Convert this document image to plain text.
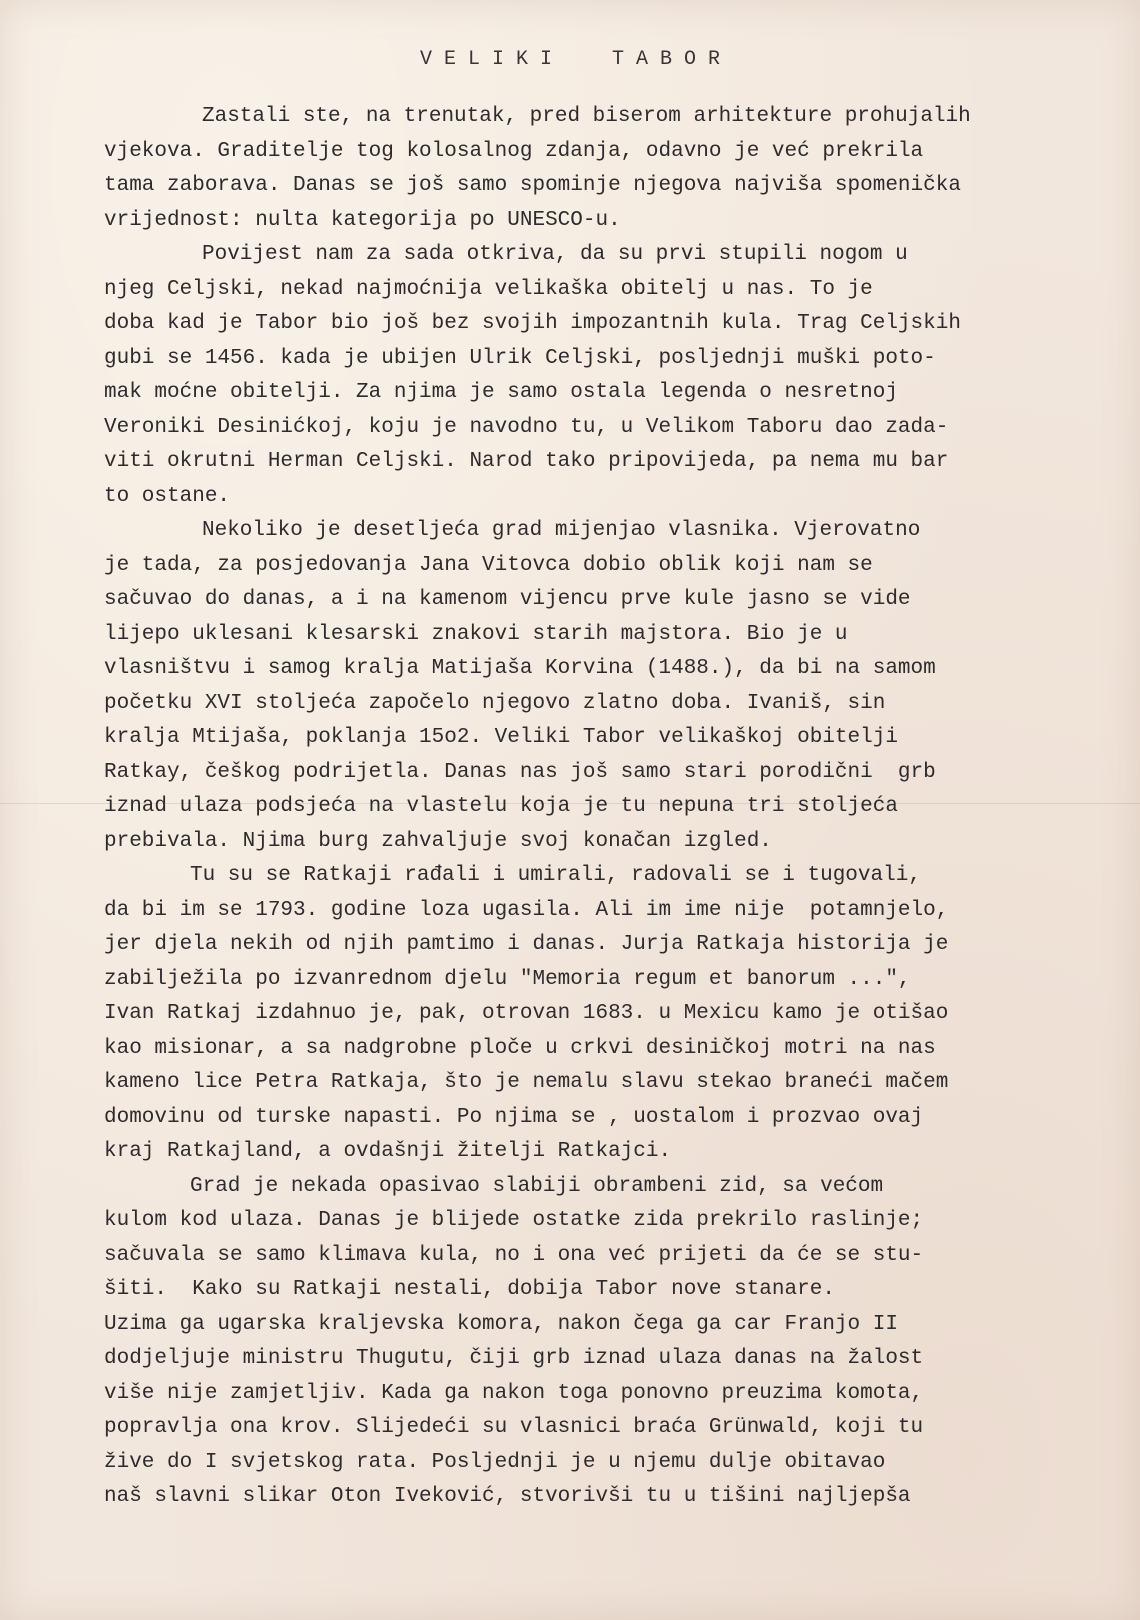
V E L I K I     T A B O R
Zastali ste, na trenutak, pred biserom arhitekture prohujalih
vjekova. Graditelje tog kolosalnog zdanja, odavno je već prekrila
tama zaborava. Danas se još samo spominje njegova najviša spomenička
vrijednost: nulta kategorija po UNESCO-u.
Povijest nam za sada otkriva, da su prvi stupili nogom u
njeg Celjski, nekad najmoćnija velikaška obitelj u nas. To je
doba kad je Tabor bio još bez svojih impozantnih kula. Trag Celjskih
gubi se 1456. kada je ubijen Ulrik Celjski, posljednji muški poto-
mak moćne obitelji. Za njima je samo ostala legenda o nesretnoj
Veroniki Desinićkoj, koju je navodno tu, u Velikom Taboru dao zada-
viti okrutni Herman Celjski. Narod tako pripovijeda, pa nema mu bar
to ostane.
Nekoliko je desetljeća grad mijenjao vlasnika. Vjerovatno
je tada, za posjedovanja Jana Vitovca dobio oblik koji nam se
sačuvao do danas, a i na kamenom vijencu prve kule jasno se vide
lijepo uklesani klesarski znakovi starih majstora. Bio je u
vlasništvu i samog kralja Matijaša Korvina (1488.), da bi na samom
početku XVI stoljeća započelo njegovo zlatno doba. Ivaniš, sin
kralja Mtijaša, poklanja 15o2. Veliki Tabor velikaškoj obitelji
Ratkay, češkog podrijetla. Danas nas još samo stari porodični  grb
iznad ulaza podsjeća na vlastelu koja je tu nepuna tri stoljeća
prebivala. Njima burg zahvaljuje svoj konačan izgled.
Tu su se Ratkaji rađali i umirali, radovali se i tugovali,
da bi im se 1793. godine loza ugasila. Ali im ime nije  potamnjelo,
jer djela nekih od njih pamtimo i danas. Jurja Ratkaja historija je
zabilježila po izvanrednom djelu "Memoria regum et banorum ...",
Ivan Ratkaj izdahnuo je, pak, otrovan 1683. u Mexicu kamo je otišao
kao misionar, a sa nadgrobne ploče u crkvi desiničkoj motri na nas
kameno lice Petra Ratkaja, što je nemalu slavu stekao braneći mačem
domovinu od turske napasti. Po njima se , uostalom i prozvao ovaj
kraj Ratkajland, a ovdašnji žitelji Ratkajci.
Grad je nekada opasivao slabiji obrambeni zid, sa većom
kulom kod ulaza. Danas je blijede ostatke zida prekrilo raslinje;
sačuvala se samo klimava kula, no i ona već prijeti da će se stu-
šiti.  Kako su Ratkaji nestali, dobija Tabor nove stanare.
Uzima ga ugarska kraljevska komora, nakon čega ga car Franjo II
dodjeljuje ministru Thugutu, čiji grb iznad ulaza danas na žalost
više nije zamjetljiv. Kada ga nakon toga ponovno preuzima komota,
popravlja ona krov. Slijedeći su vlasnici braća Grünwald, koji tu
žive do I svjetskog rata. Posljednji je u njemu dulje obitavao
naš slavni slikar Oton Iveković, stvorivši tu u tišini najljepša
